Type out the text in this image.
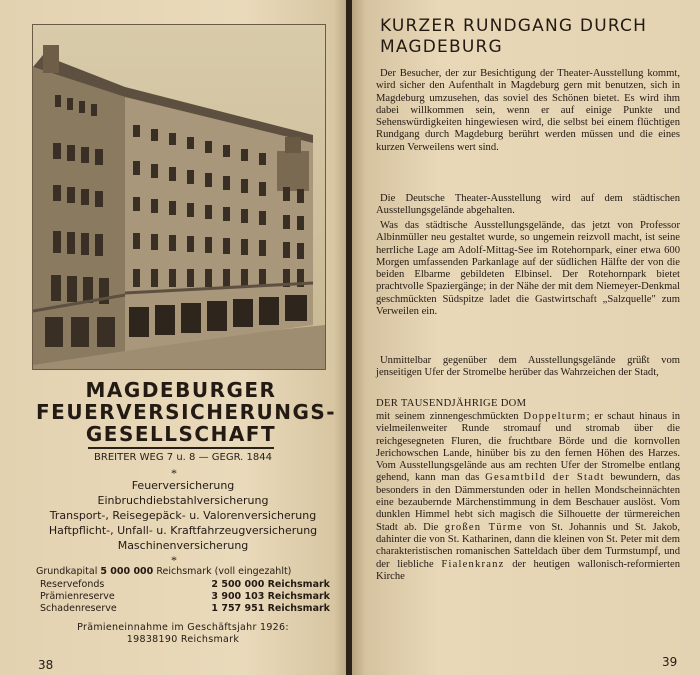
MAGDEBURGER
FEUERVERSICHERUNGS-
GESELLSCHAFT
BREITER WEG 7 u. 8 — GEGR. 1844
*
Feuerversicherung
Einbruchdiebstahlversicherung
Transport-, Reisegepäck- u. Valorenversicherung
Haftpflicht-, Unfall- u. Kraftfahrzeugversicherung
Maschinenversicherung
*
Grundkapital 5 000 000 Reichsmark (voll eingezahlt)
Reservefonds	2 500 000 Reichsmark
Prämienreserve	3 900 103 Reichsmark
Schadenreserve	1 757 951 Reichsmark
Prämieneinnahme im Geschäftsjahr 1926:
19838190 Reichsmark
38
KURZER RUNDGANG DURCH
MAGDEBURG
Der Besucher, der zur Besichtigung der Theater-Ausstellung kommt, wird sicher den Aufenthalt in Magdeburg gern mit benutzen, sich in Magdeburg umzusehen, das soviel des Schönen bietet. Es wird ihm dabei willkommen sein, wenn er auf einige Punkte und Sehenswürdigkeiten hingewiesen wird, die selbst bei einem flüchtigen Rundgang durch Magdeburg berührt werden müssen und die eines kurzen Verweilens wert sind.
Die Deutsche Theater-Ausstellung wird auf dem städtischen Ausstellungsgelände abgehalten.
Was das städtische Ausstellungsgelände, das jetzt von Professor Albinmüller neu gestaltet wurde, so ungemein reizvoll macht, ist seine herrliche Lage am Adolf-Mittag-See im Rotehornpark, einer etwa 600 Morgen umfassenden Parkanlage auf der südlichen Hälfte der von die beiden Elbarme gebildeten Elbinsel. Der Rotehornpark bietet prachtvolle Spaziergänge; in der Nähe der mit dem Niemeyer-Denkmal geschmückten Südspitze ladet die Gastwirtschaft „Salzquelle" zum Verweilen ein.
Unmittelbar gegenüber dem Ausstellungsgelände grüßt vom jenseitigen Ufer der Stromelbe herüber das Wahrzeichen der Stadt,
DER TAUSENDJÄHRIGE DOM
mit seinem zinnengeschmückten Doppelturm; er schaut hinaus in vielmeilenweiter Runde stromauf und stromab über die reichgesegneten Fluren, die fruchtbare Börde und die kornvollen Jerichowschen Lande, hinüber bis zu den fernen Höhen des Harzes. Vom Ausstellungsgelände aus am rechten Ufer der Stromelbe entlang gehend, kann man das Gesamtbild der Stadt bewundern, das besonders in den Dämmerstunden oder in hellen Mondscheinnächten eine bezaubernde Märchenstimmung in dem Beschauer auslöst. Vom dunklen Himmel hebt sich magisch die Silhouette der türmereichen Stadt ab. Die großen Türme von St. Johannis und St. Jakob, dahinter die von St. Katharinen, dann die kleinen von St. Peter mit dem charakteristischen romanischen Satteldach über dem Turmstumpf, und der liebliche Fialenkranz der heutigen wallonisch-reformierten Kirche
39
